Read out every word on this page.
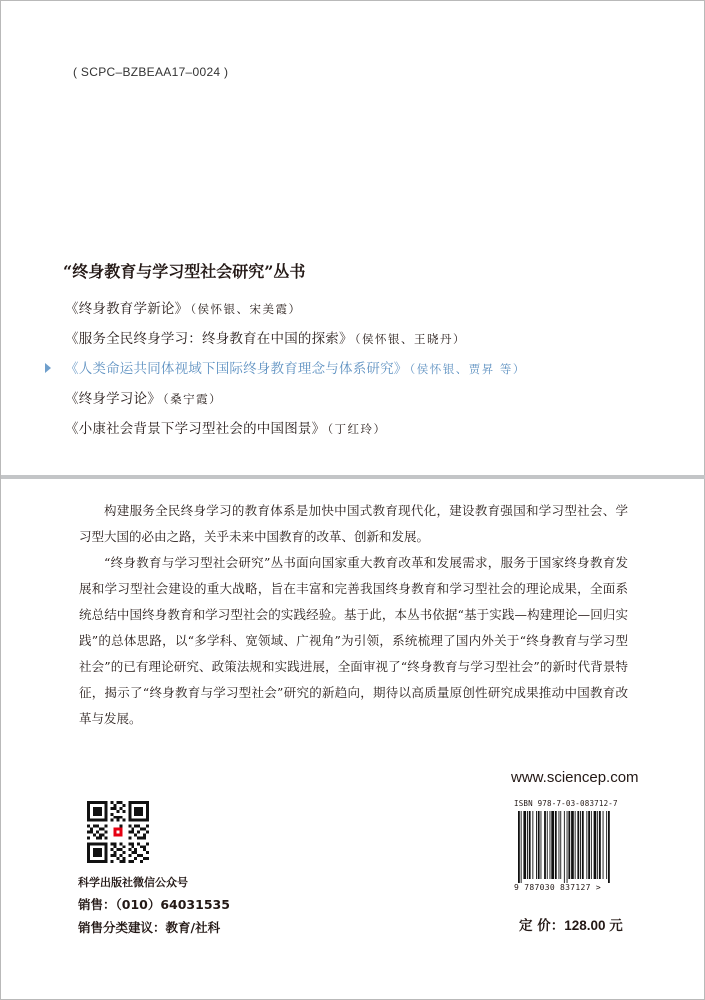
( SCPC–BZBEAA17–0024 )
“终身教育与学习型社会研究”丛书
《终身教育学新论》 （侯怀银、宋美霞）
《服务全民终身学习：终身教育在中国的探索》 （侯怀银、王晓丹）
《人类命运共同体视域下国际终身教育理念与体系研究》 （侯怀银、贾昇 等）
《终身学习论》 （桑宁霞）
《小康社会背景下学习型社会的中国图景》 （丁红玲）

构建服务全民终身学习的教育体系是加快中国式教育现代化，建设教育强国和学习型社会、学习型大国的必由之路，关乎未来中国教育的改革、创新和发展。

“终身教育与学习型社会研究”丛书面向国家重大教育改革和发展需求，服务于国家终身教育发展和学习型社会建设的重大战略，旨在丰富和完善我国终身教育和学习型社会的理论成果，全面系统总结中国终身教育和学习型社会的实践经验。基于此，本丛书依据“基于实践—构建理论—回归实践”的总体思路，以“多学科、宽领域、广视角”为引领，系统梳理了国内外关于“终身教育与学习型社会”的已有理论研究、政策法规和实践进展，全面审视了“终身教育与学习型社会”的新时代背景特征，揭示了“终身教育与学习型社会”研究的新趋向，期待以高质量原创性研究成果推动中国教育改革与发展。

www.sciencep.com
科学出版社微信公众号
销售：（010）64031535
销售分类建议：教育/社科
ISBN 978-7-03-083712-7
9 787030 837127 >
定 价：128.00 元
